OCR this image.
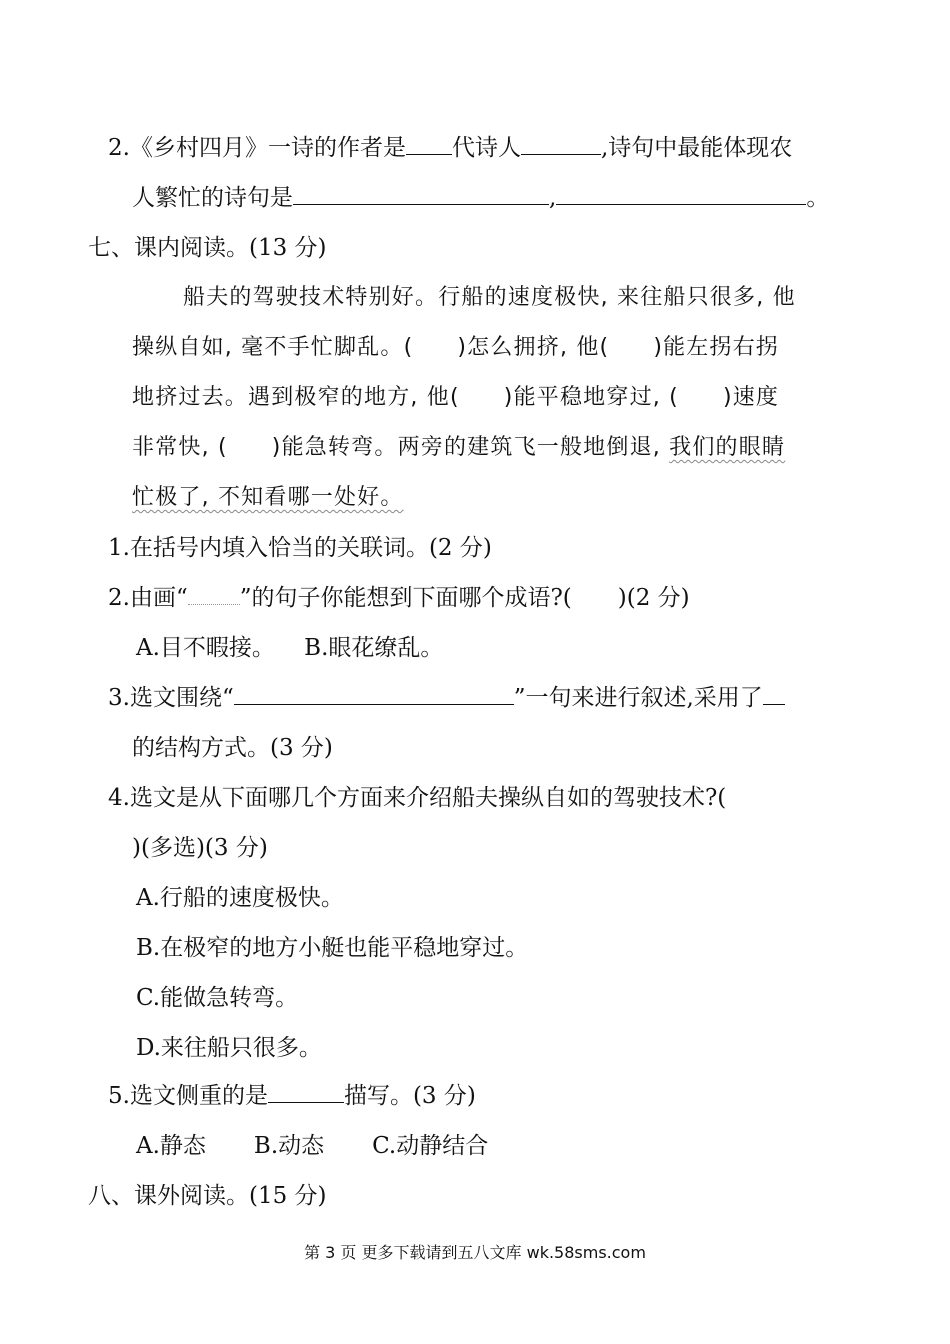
2.《乡村四月》一诗的作者是 代诗人	,诗句中最能体现农
人繁忙的诗句是	,	。
七、课内阅读。(13 分)
船夫的驾驶技术特别好。行船的速度极快, 来往船只很多, 他
操纵自如, 毫不手忙脚乱。( )怎么拥挤, 他( )能左拐右拐
地挤过去。遇到极窄的地方, 他( )能平稳地穿过, ( )速度
非常快, ( )能急转弯。两旁的建筑飞一般地倒退, 我们的眼睛
忙极了, 不知看哪一处好。
1.在括号内填入恰当的关联词。(2 分)
2.由画“ ”的句子你能想到下面哪个成语?( )(2 分)
A.目不暇接。    B.眼花缭乱。
3.选文围绕“	”一句来进行叙述,采用了
的结构方式。(3 分)
4.选文是从下面哪几个方面来介绍船夫操纵自如的驾驶技术?(
)(多选)(3 分)
A.行船的速度极快。
B.在极窄的地方小艇也能平稳地穿过。
C.能做急转弯。
D.来往船只很多。
5.选文侧重的是	描写。(3 分)
A.静态 B.动态 C.动静结合
八、课外阅读。(15 分)
第 3 页 更多下载请到五八文库 wk.58sms.com
